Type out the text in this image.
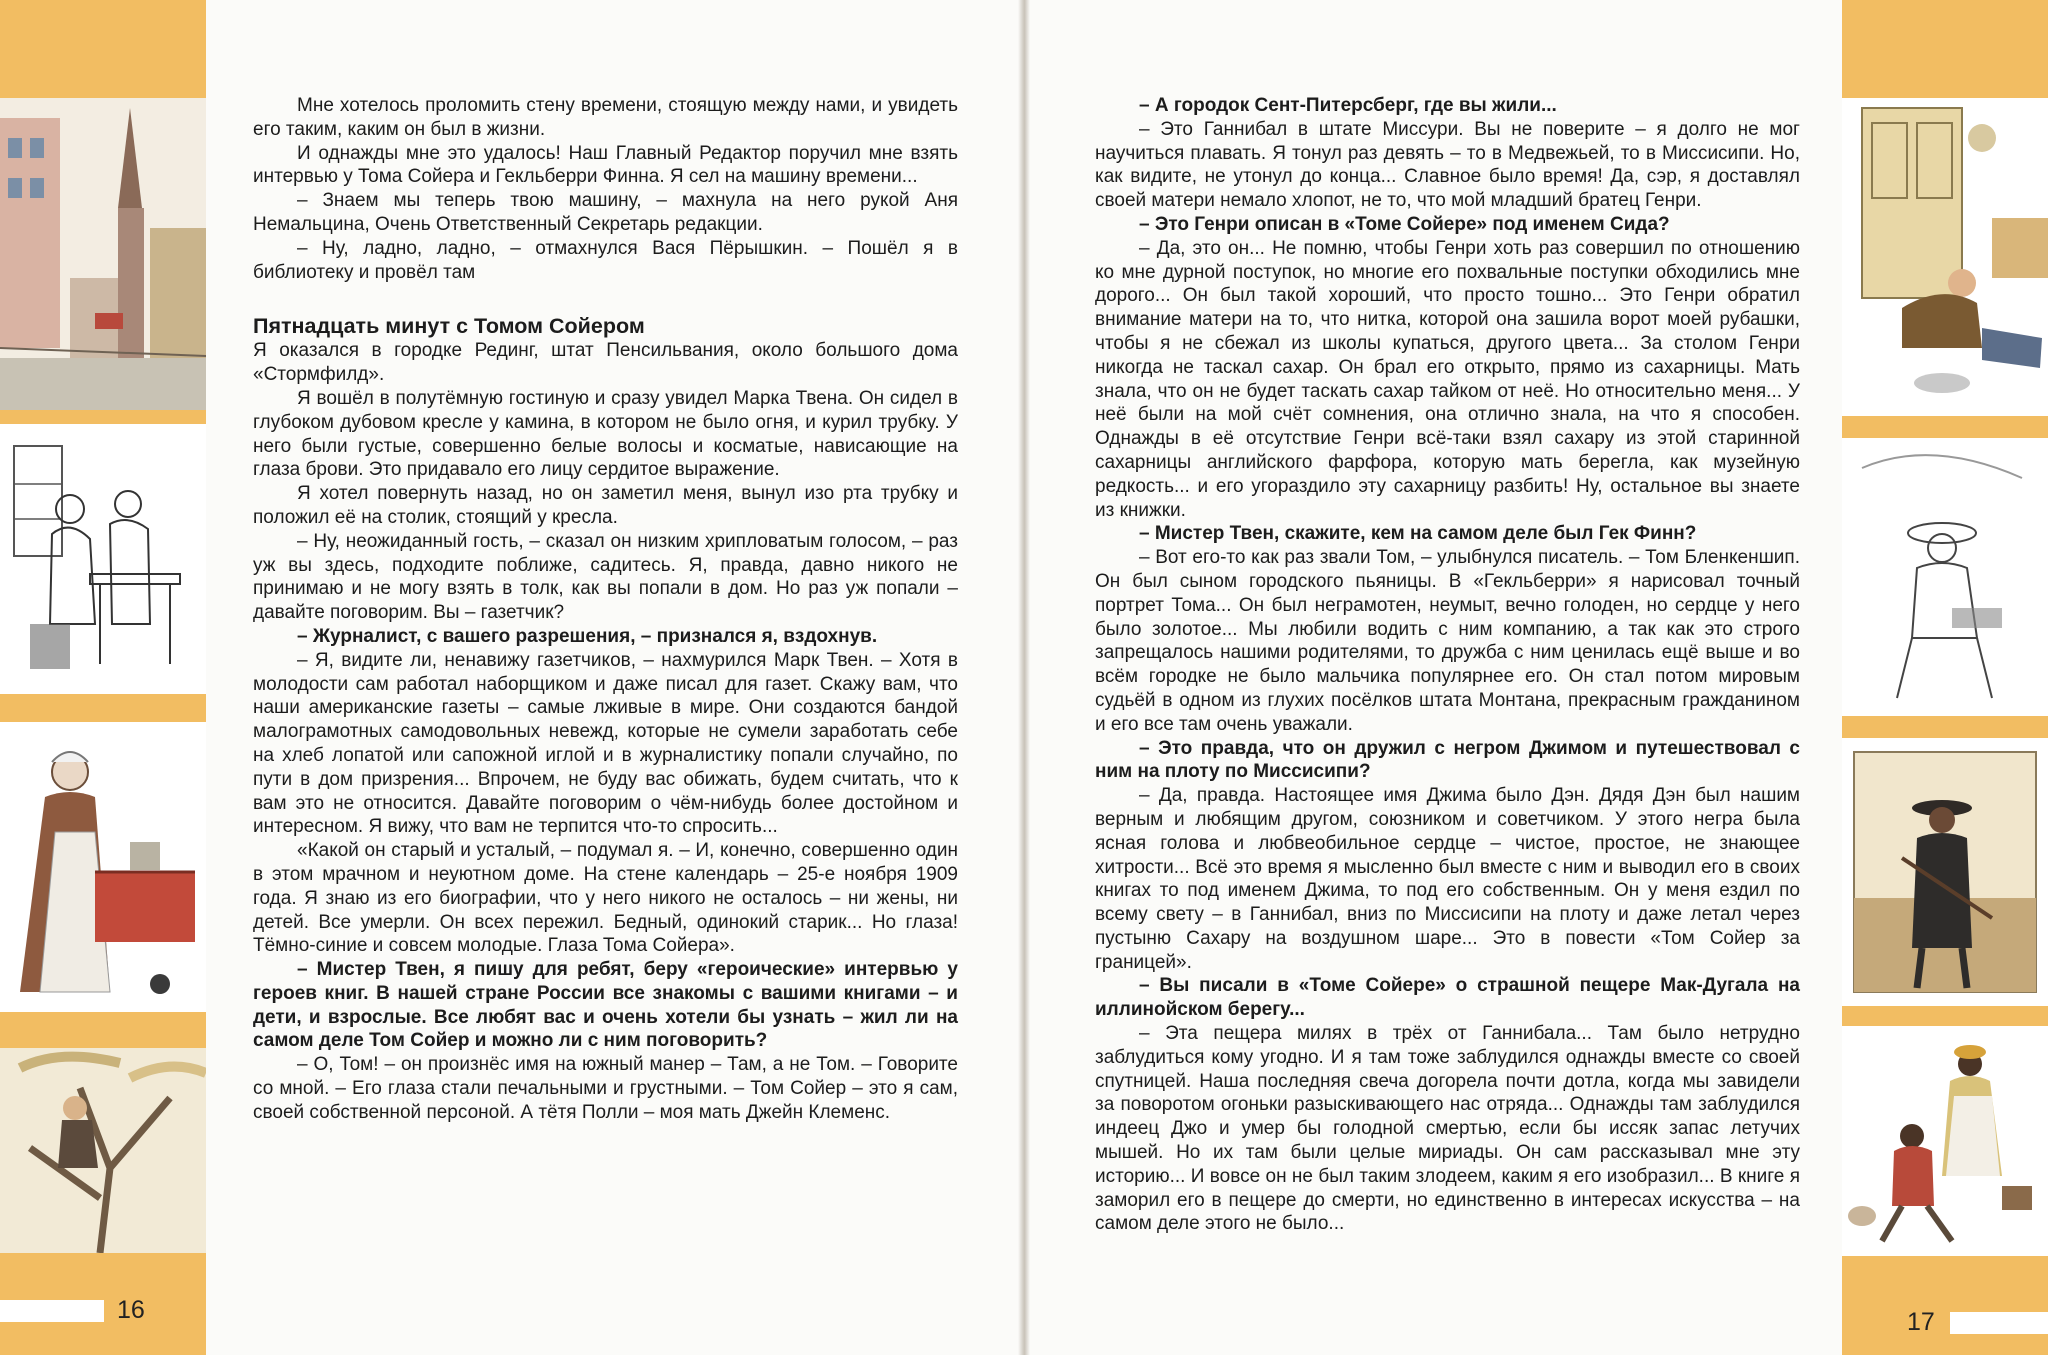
16

Мне хотелось проломить стену времени, стоящую между нами, и увидеть его таким, каким он был в жизни.

И однажды мне это удалось! Наш Главный Редактор поручил мне взять интервью у Тома Сойера и Гекльберри Финна. Я сел на машину времени...

– Знаем мы теперь твою машину, – махнула на него рукой Аня Немальцина, Очень Ответственный Секретарь редакции.

– Ну, ладно, ладно, – отмахнулся Вася Пёрышкин. – Пошёл я в библиотеку и провёл там

Пятнадцать минут с Томом Сойером

Я оказался в городке Рединг, штат Пенсильвания, около большого дома «Стормфилд».

Я вошёл в полутёмную гостиную и сразу увидел Марка Твена. Он сидел в глубоком дубовом кресле у камина, в котором не было огня, и курил трубку. У него были густые, совершенно белые волосы и косматые, нависающие на глаза брови. Это придавало его лицу сердитое выражение.

Я хотел повернуть назад, но он заметил меня, вынул изо рта трубку и положил её на столик, стоящий у кресла.

– Ну, неожиданный гость, – сказал он низким хрипловатым голосом, – раз уж вы здесь, подходите поближе, садитесь. Я, правда, давно никого не принимаю и не могу взять в толк, как вы попали в дом. Но раз уж попали – давайте поговорим. Вы – газетчик?

– Журналист, с вашего разрешения, – признался я, вздохнув.

– Я, видите ли, ненавижу газетчиков, – нахмурился Марк Твен. – Хотя в молодости сам работал наборщиком и даже писал для газет. Скажу вам, что наши американские газеты – самые лживые в мире. Они создаются бандой малограмотных самодовольных невежд, которые не сумели заработать себе на хлеб лопатой или сапожной иглой и в журналистику попали случайно, по пути в дом призрения... Впрочем, не буду вас обижать, будем считать, что к вам это не относится. Давайте поговорим о чём-нибудь более достойном и интересном. Я вижу, что вам не терпится что-то спросить...

«Какой он старый и усталый, – подумал я. – И, конечно, совершенно один в этом мрачном и неуютном доме. На стене календарь – 25-е ноября 1909 года. Я знаю из его биографии, что у него никого не осталось – ни жены, ни детей. Все умерли. Он всех пережил. Бедный, одинокий старик... Но глаза! Тёмно-синие и совсем молодые. Глаза Тома Сойера».

– Мистер Твен, я пишу для ребят, беру «героические» интервью у героев книг. В нашей стране России все знакомы с вашими книгами – и дети, и взрослые. Все любят вас и очень хотели бы узнать – жил ли на самом деле Том Сойер и можно ли с ним поговорить?

– О, Том! – он произнёс имя на южный манер – Там, а не Том. – Говорите со мной. – Его глаза стали печальными и грустными. – Том Сойер – это я сам, своей собственной персоной. А тётя Полли – моя мать Джейн Клеменс.

– А городок Сент-Питерсберг, где вы жили...

– Это Ганнибал в штате Миссури. Вы не поверите – я долго не мог научиться плавать. Я тонул раз девять – то в Медвежьей, то в Миссисипи. Но, как видите, не утонул до конца... Славное было время! Да, сэр, я доставлял своей матери немало хлопот, не то, что мой младший братец Генри.

– Это Генри описан в «Томе Сойере» под именем Сида?

– Да, это он... Не помню, чтобы Генри хоть раз совершил по отношению ко мне дурной поступок, но многие его похвальные поступки обходились мне дорого... Он был такой хороший, что просто тошно... Это Генри обратил внимание матери на то, что нитка, которой она зашила ворот моей рубашки, чтобы я не сбежал из школы купаться, другого цвета... За столом Генри никогда не таскал сахар. Он брал его открыто, прямо из сахарницы. Мать знала, что он не будет таскать сахар тайком от неё. Но относительно меня... У неё были на мой счёт сомнения, она отлично знала, на что я способен. Однажды в её отсутствие Генри всё-таки взял сахару из этой старинной сахарницы английского фарфора, которую мать берегла, как музейную редкость... и его угораздило эту сахарницу разбить! Ну, остальное вы знаете из книжки.

– Мистер Твен, скажите, кем на самом деле был Гек Финн?

– Вот его-то как раз звали Том, – улыбнулся писатель. – Том Бленкеншип. Он был сыном городского пьяницы. В «Гекльберри» я нарисовал точный портрет Тома... Он был неграмотен, неумыт, вечно голоден, но сердце у него было золотое... Мы любили водить с ним компанию, а так как это строго запрещалось нашими родителями, то дружба с ним ценилась ещё выше и во всём городке не было мальчика популярнее его. Он стал потом мировым судьёй в одном из глухих посёлков штата Монтана, прекрасным гражданином и его все там очень уважали.

– Это правда, что он дружил с негром Джимом и путешествовал с ним на плоту по Миссисипи?

– Да, правда. Настоящее имя Джима было Дэн. Дядя Дэн был нашим верным и любящим другом, союзником и советчиком. У этого негра была ясная голова и любвеобильное сердце – чистое, простое, не знающее хитрости... Всё это время я мысленно был вместе с ним и выводил его в своих книгах то под именем Джима, то под его собственным. Он у меня ездил по всему свету – в Ганнибал, вниз по Миссисипи на плоту и даже летал через пустыню Сахару на воздушном шаре... Это в повести «Том Сойер за границей».

– Вы писали в «Томе Сойере» о страшной пещере Мак-Дугала на иллинойском берегу...

– Эта пещера милях в трёх от Ганнибала... Там было нетрудно заблудиться кому угодно. И я там тоже заблудился однажды вместе со своей спутницей. Наша последняя свеча догорела почти дотла, когда мы завидели за поворотом огоньки разыскивающего нас отряда... Однажды там заблудился индеец Джо и умер бы голодной смертью, если бы иссяк запас летучих мышей. Но их там были целые мириады. Он сам рассказывал мне эту историю... И вовсе он не был таким злодеем, каким я его изобразил... В книге я заморил его в пещере до смерти, но единственно в интересах искусства – на самом деле этого не было...

17
